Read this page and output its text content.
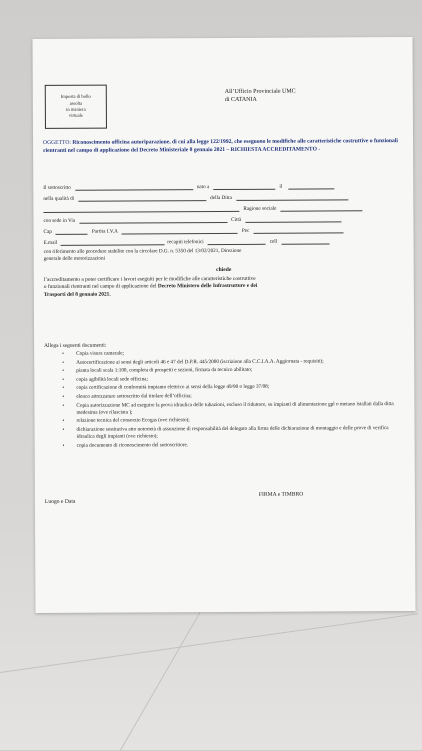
Imposta di bollo
assolta
in maniera
virtuale
All’Ufficio Provinciale UMC
di CATANIA
OGGETTO: Riconoscimento officina autoriparazione, di cui alla legge 122/1992, che eseguono le modifiche alle caratteristiche costruttive o funzionali rientranti nel campo di applicazione del Decreto Ministeriale 8 gennaio 2021 – RICHIESTA ACCREDITAMENTO -
Il sottoscritto	nato a	il
nella qualità di	della Ditta
Ragione sociale
con sede in Via	Città
Cap	Partita I.V.A	Pec
E.mail	recapiti telefonici	cell
con riferimento alle procedure stabilite con la circolare D.G. n. 5350 del 13/02/2021, Direzione
generale delle motorizzazioni
chiede
l’accreditamento a poter certificare i lavori eseguiti per le modifiche alle caratteristiche costruttive
o funzionali rientranti nel campo di applicazione del Decreto Ministero delle Infrastrutture e dei
Trasporti del 8 gennaio 2021.
Allega i seguenti documenti:
• Copia visura camerale;
• Autocertificazione ai sensi degli articoli 46 e 47 del D.P.R. 445/2000 (iscrizione alla C.C.I.A.A. Aggiornata - requisiti);
• pianta locali scala 1:100, completa di prospetti e sezioni, firmata da tecnico abilitato;
• copia agibilità locali sede officina;
• copia certificazione di conformità impianto elettrico ai sensi della legge 49/90 o legge 37/08;
• elenco attrezzature sottoscritto dal titolare dell’officina;
• Copia autorizzazione MC ad eseguire la prova idraulica delle tubazioni, escluso il riduttore, su impianti di alimentazione gpl o metano istallati dalla ditta medesima (ove rilasciata );
• relazione tecnica del consorzio Ecogas (ove richiesto);
• dichiarazione sostitutiva atto notorietà di assunzione di responsabilità del delegato alla firma delle dichiarazione di montaggio e delle prove di verifica idraulica degli impianti (ove richiesto);
• copia documento di riconoscimento del sottoscrittore.
Luogo e Data
FIRMA e TIMBRO
